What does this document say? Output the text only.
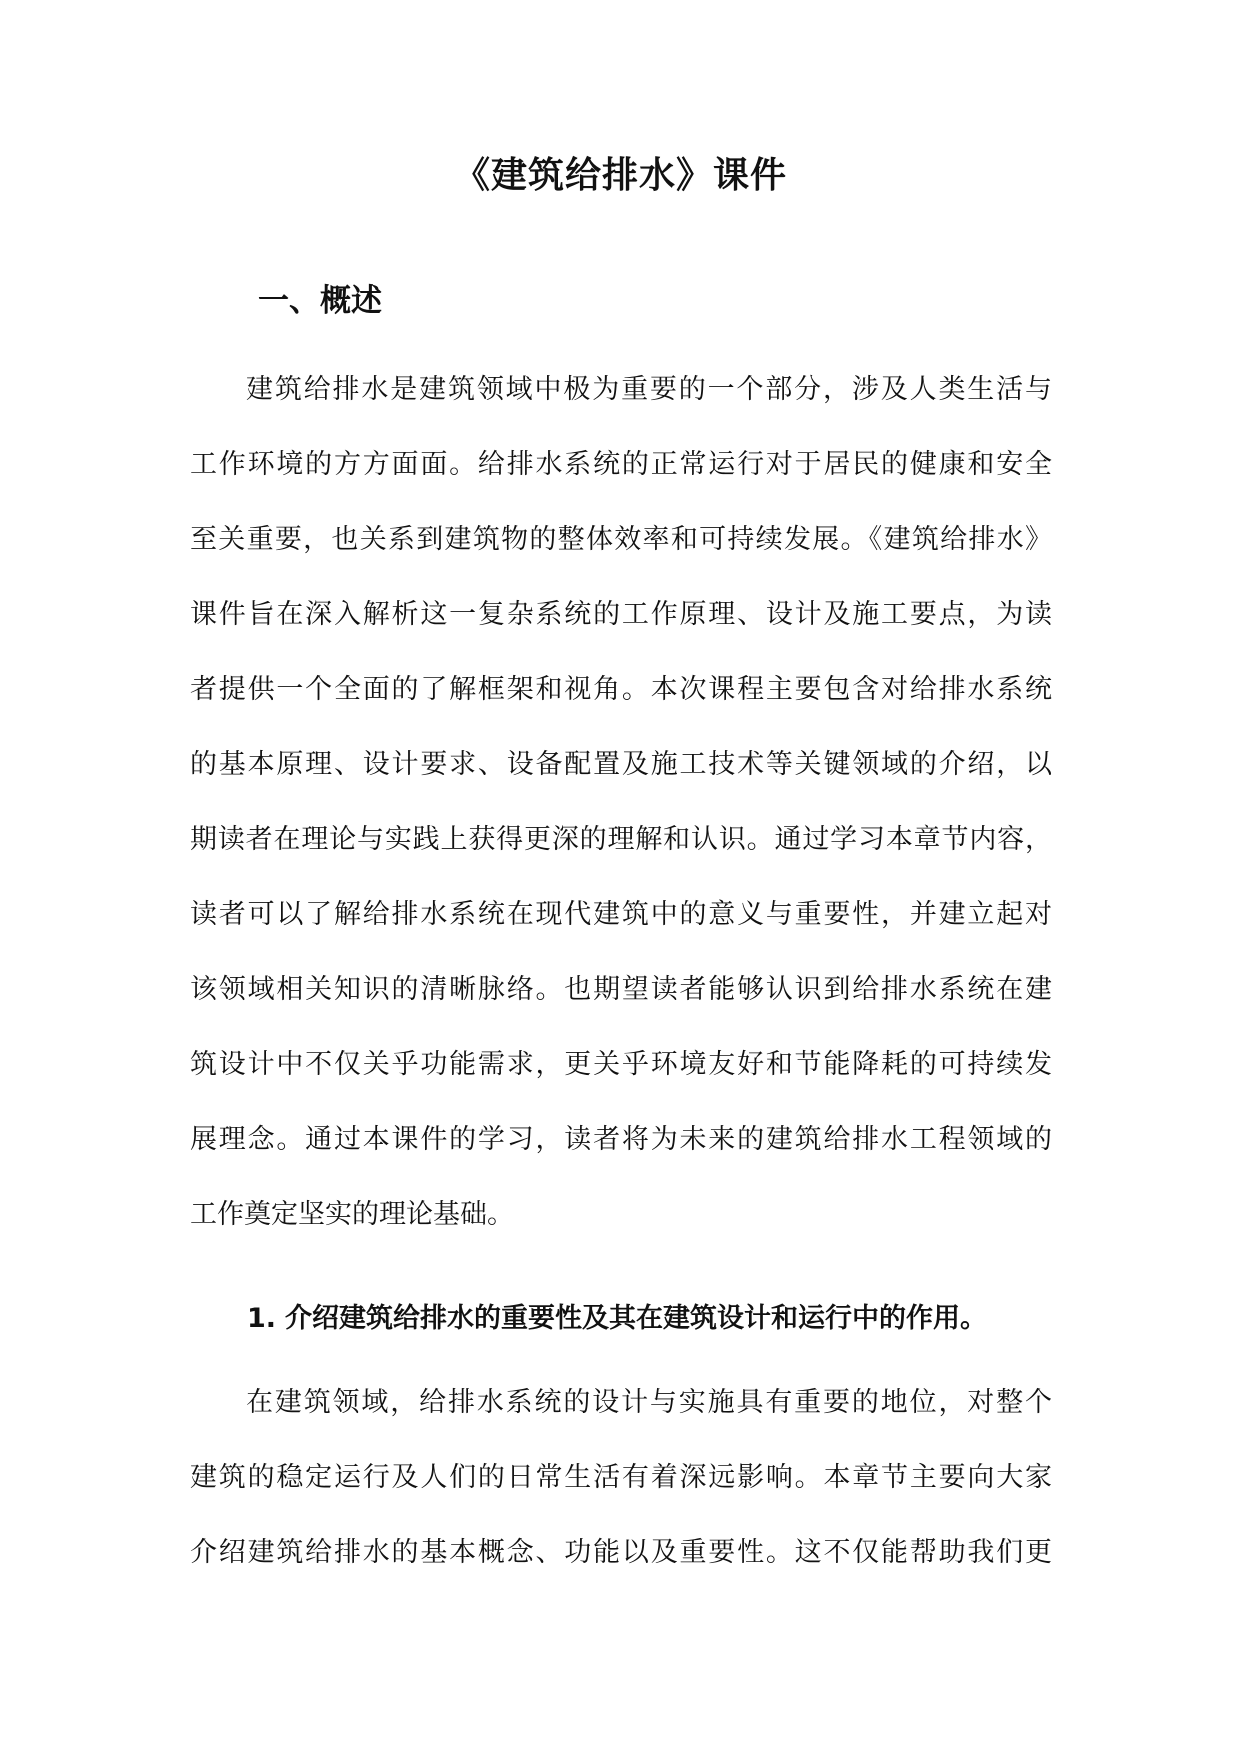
《建筑给排水》课件
一、概述

建筑给排水是建筑领域中极为重要的一个部分，涉及人类生活与
工作环境的方方面面。给排水系统的正常运行对于居民的健康和安全
至关重要，也关系到建筑物的整体效率和可持续发展。《建筑给排水》
课件旨在深入解析这一复杂系统的工作原理、设计及施工要点，为读
者提供一个全面的了解框架和视角。本次课程主要包含对给排水系统
的基本原理、设计要求、设备配置及施工技术等关键领域的介绍，以
期读者在理论与实践上获得更深的理解和认识。通过学习本章节内容，
读者可以了解给排水系统在现代建筑中的意义与重要性，并建立起对
该领域相关知识的清晰脉络。也期望读者能够认识到给排水系统在建
筑设计中不仅关乎功能需求，更关乎环境友好和节能降耗的可持续发
展理念。通过本课件的学习，读者将为未来的建筑给排水工程领域的
工作奠定坚实的理论基础。

1. 介绍建筑给排水的重要性及其在建筑设计和运行中的作用。

在建筑领域，给排水系统的设计与实施具有重要的地位，对整个
建筑的稳定运行及人们的日常生活有着深远影响。本章节主要向大家
介绍建筑给排水的基本概念、功能以及重要性。这不仅能帮助我们更
